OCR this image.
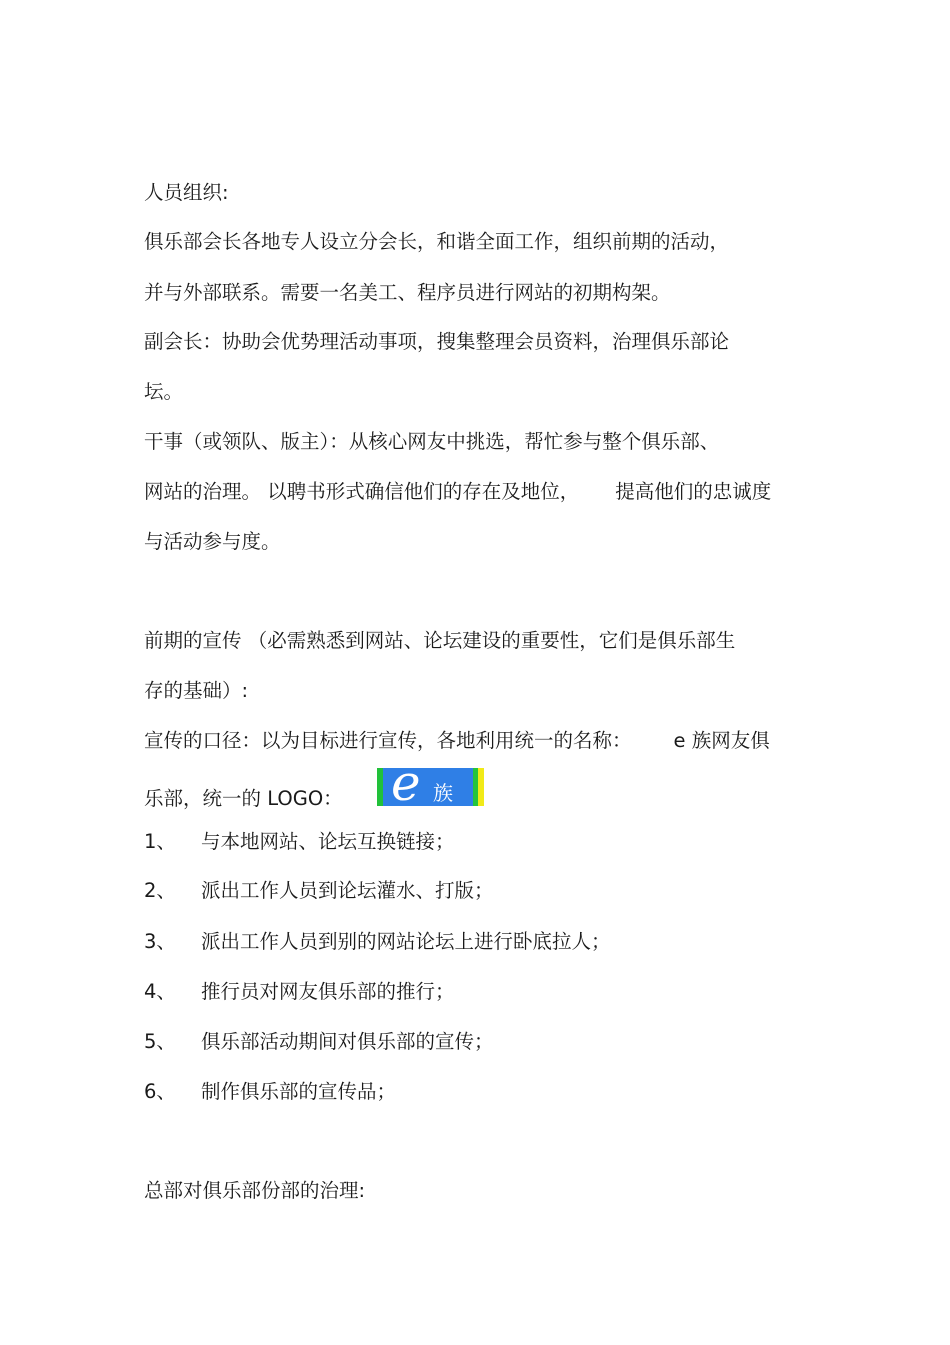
人员组织:
俱乐部会长各地专人设立分会长，和谐全面工作，组织前期的活动，
并与外部联系。需要一名美工、程序员进行网站的初期构架。
副会长：协助会优势理活动事项，搜集整理会员资料，治理俱乐部论
坛。
干事（或领队、版主）：从核心网友中挑选，帮忙参与整个俱乐部、
网站的治理。 以聘书形式确信他们的存在及地位， 提高他们的忠诚度
与活动参与度。
前期的宣传 （必需熟悉到网站、论坛建设的重要性，它们是俱乐部生
存的基础）:
宣传的口径：以为目标进行宣传，各地利用统一的名称： e 族网友俱
乐部，统一的 LOGO： e 族
1、 与本地网站、论坛互换链接；
2、 派出工作人员到论坛灌水、打版；
3、 派出工作人员到别的网站论坛上进行卧底拉人；
4、 推行员对网友俱乐部的推行；
5、 俱乐部活动期间对俱乐部的宣传；
6、 制作俱乐部的宣传品；
总部对俱乐部份部的治理:
